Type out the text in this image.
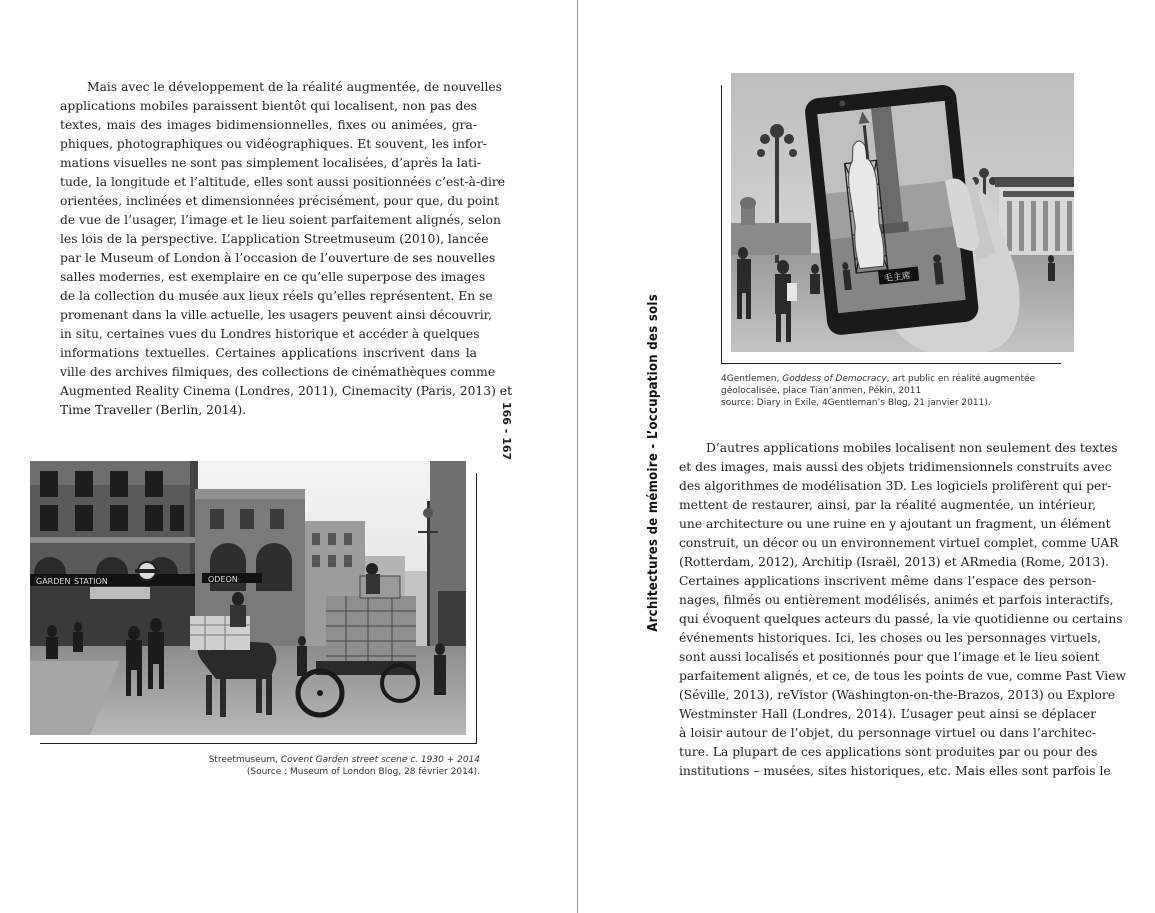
Mais avec le développement de la réalité augmentée, de nouvelles
applications mobiles paraissent bientôt qui localisent, non pas des
textes, mais des images bidimensionnelles, fixes ou animées, gra-
phiques, photographiques ou vidéographiques. Et souvent, les infor-
mations visuelles ne sont pas simplement localisées, d’après la lati-
tude, la longitude et l’altitude, elles sont aussi positionnées c’est-à-dire
orientées, inclinées et dimensionnées précisément, pour que, du point
de vue de l’usager, l’image et le lieu soient parfaitement alignés, selon
les lois de la perspective. L’application Streetmuseum (2010), lancée
par le Museum of London à l’occasion de l’ouverture de ses nouvelles
salles modernes, est exemplaire en ce qu’elle superpose des images
de la collection du musée aux lieux réels qu’elles représentent. En se
promenant dans la ville actuelle, les usagers peuvent ainsi découvrir,
in situ, certaines vues du Londres historique et accéder à quelques
informations textuelles. Certaines applications inscrivent dans la
ville des archives filmiques, des collections de cinémathèques comme
Augmented Reality Cinema (Londres, 2011), Cinemacity (Paris, 2013) et
Time Traveller (Berlin, 2014).
GARDEN STATION	ODEON

Streetmuseum, Covent Garden street scene c. 1930 + 2014

(Source : Museum of London Blog, 28 février 2014).

166 - 167	Architectures de mémoire - L’occupation des sols
毛主席

4Gentlemen, Goddess of Democracy, art public en réalité augmentée

géolocalisée, place Tian’anmen, Pékin, 2011

source: Diary in Exile, 4Gentleman’s Blog, 21 janvier 2011).

D’autres applications mobiles localisent non seulement des textes
et des images, mais aussi des objets tridimensionnels construits avec
des algorithmes de modélisation 3D. Les logiciels prolifèrent qui per-
mettent de restaurer, ainsi, par la réalité augmentée, un intérieur,
une architecture ou une ruine en y ajoutant un fragment, un élément
construit, un décor ou un environnement virtuel complet, comme UAR
(Rotterdam, 2012), Architip (Israël, 2013) et ARmedia (Rome, 2013).
Certaines applications inscrivent même dans l’espace des person-
nages, filmés ou entièrement modélisés, animés et parfois interactifs,
qui évoquent quelques acteurs du passé, la vie quotidienne ou certains
événements historiques. Ici, les choses ou les personnages virtuels,
sont aussi localisés et positionnés pour que l’image et le lieu soient
parfaitement alignés, et ce, de tous les points de vue, comme Past View
(Séville, 2013), reVistor (Washington-on-the-Brazos, 2013) ou Explore
Westminster Hall (Londres, 2014). L’usager peut ainsi se déplacer
à loisir autour de l’objet, du personnage virtuel ou dans l’architec-
ture. La plupart de ces applications sont produites par ou pour des
institutions – musées, sites historiques, etc. Mais elles sont parfois le
